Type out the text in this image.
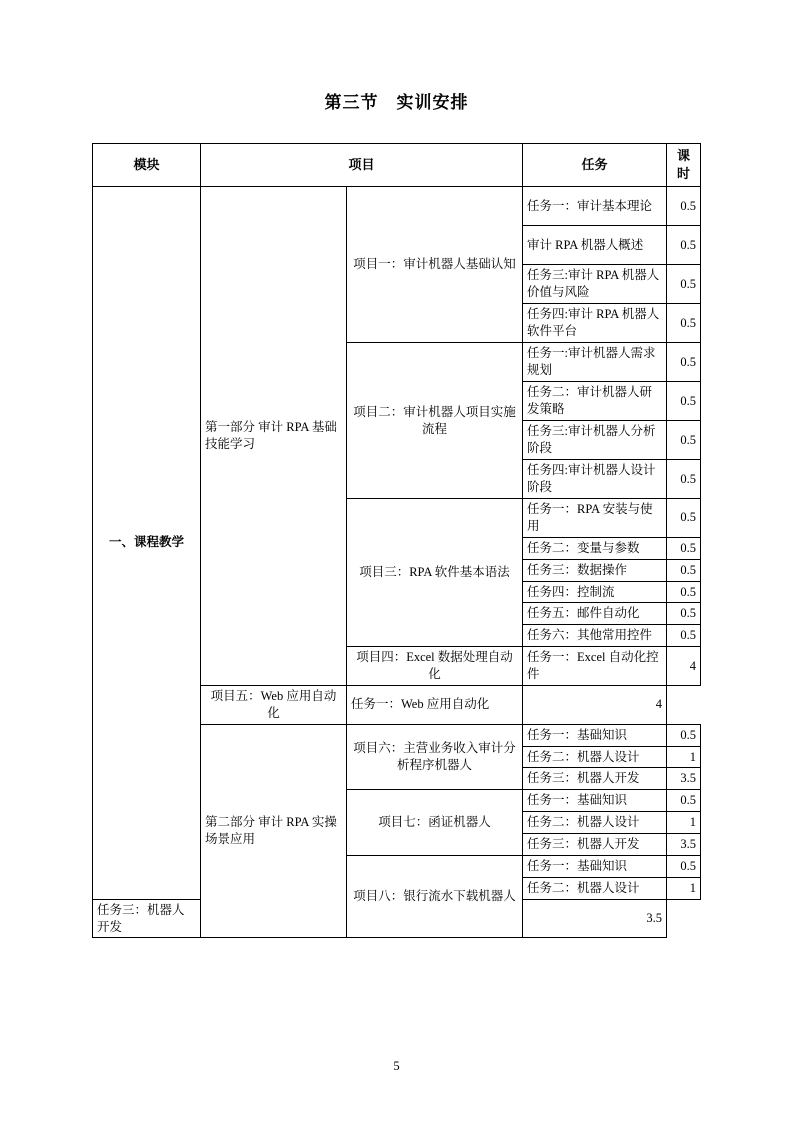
第三节　实训安排
模块	项目		任务	课时
一、课程教学	第一部分 审计 RPA 基础技能学习	项目一：审计机器人基础认知	任务一：审计基本理论	0.5
			审计 RPA 机器人概述	0.5
			任务三:审计 RPA 机器人价值与风险	0.5
			任务四:审计 RPA 机器人软件平台	0.5
		项目二：审计机器人项目实施流程	任务一:审计机器人需求规划	0.5
			任务二：审计机器人研发策略	0.5
			任务三:审计机器人分析阶段	0.5
			任务四:审计机器人设计阶段	0.5
		项目三：RPA 软件基本语法	任务一：RPA 安装与使用	0.5
			任务二：变量与参数	0.5
			任务三：数据操作	0.5
			任务四：控制流	0.5
			任务五：邮件自动化	0.5
			任务六：其他常用控件	0.5
		项目四：Excel 数据处理自动化	任务一：Excel 自动化控件	4
	项目五：Web 应用自动化	任务一：Web 应用自动化	4	
	第二部分 审计 RPA 实操场景应用	项目六：主营业务收入审计分析程序机器人	任务一：基础知识	0.5
			任务二：机器人设计	1
			任务三：机器人开发	3.5
		项目七：函证机器人	任务一：基础知识	0.5
			任务二：机器人设计	1
			任务三：机器人开发	3.5
		项目八：银行流水下载机器人	任务一：基础知识	0.5
			任务二：机器人设计	1
任务三：机器人开发			3.5	
5
